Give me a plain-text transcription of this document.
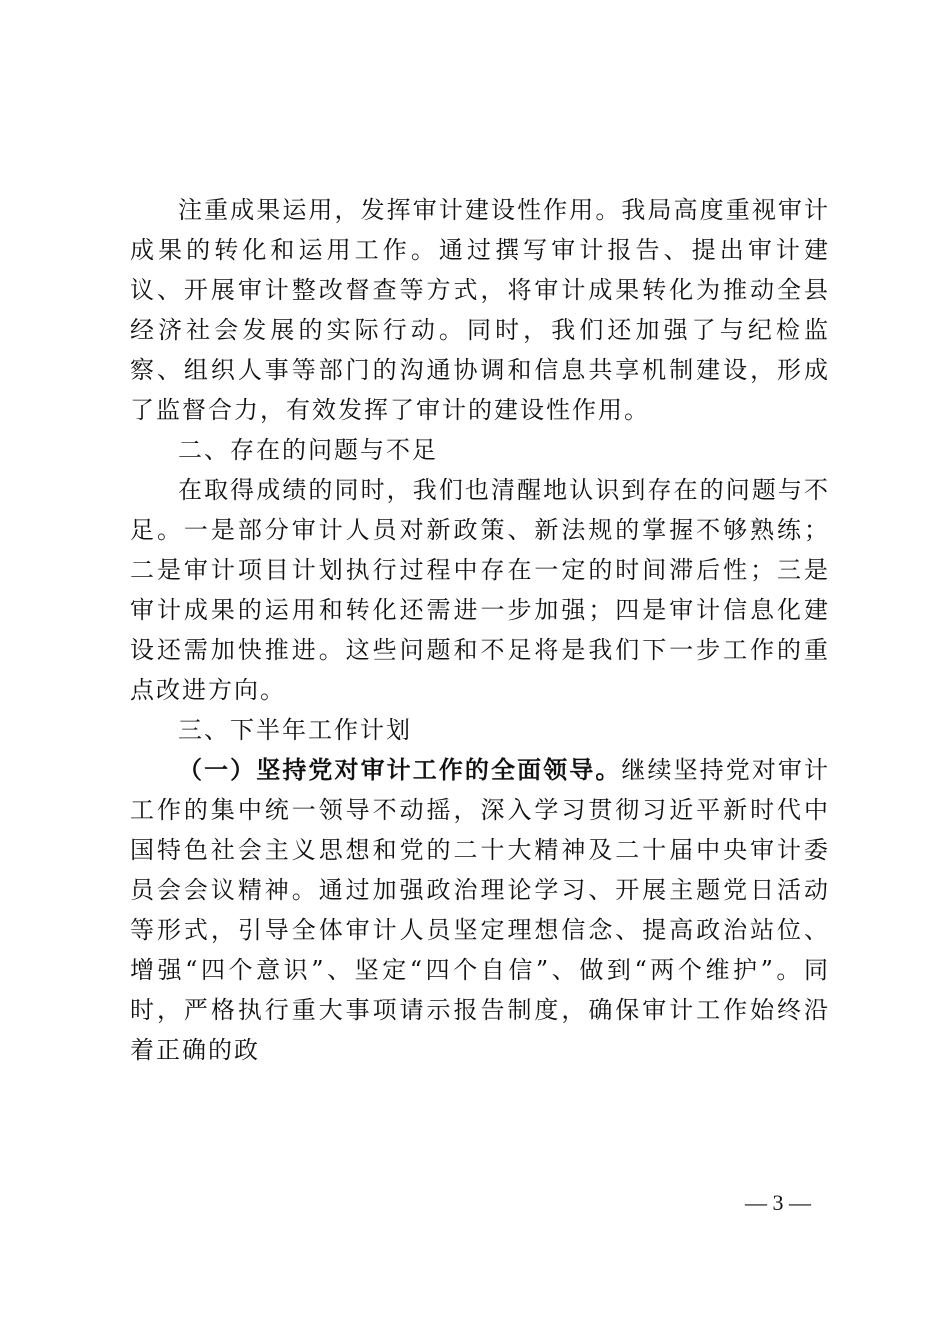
注重成果运用，发挥审计建设性作用。我局高度重视审计成果的转化和运用工作。通过撰写审计报告、提出审计建议、开展审计整改督查等方式，将审计成果转化为推动全县经济社会发展的实际行动。同时，我们还加强了与纪检监察、组织人事等部门的沟通协调和信息共享机制建设，形成了监督合力，有效发挥了审计的建设性作用。

二、存在的问题与不足

在取得成绩的同时，我们也清醒地认识到存在的问题与不足。一是部分审计人员对新政策、新法规的掌握不够熟练；二是审计项目计划执行过程中存在一定的时间滞后性；三是审计成果的运用和转化还需进一步加强；四是审计信息化建设还需加快推进。这些问题和不足将是我们下一步工作的重点改进方向。

三、下半年工作计划

（一）坚持党对审计工作的全面领导。继续坚持党对审计工作的集中统一领导不动摇，深入学习贯彻习近平新时代中国特色社会主义思想和党的二十大精神及二十届中央审计委员会会议精神。通过加强政治理论学习、开展主题党日活动等形式，引导全体审计人员坚定理想信念、提高政治站位、增强“四个意识”、坚定“四个自信”、做到“两个维护”。同时，严格执行重大事项请示报告制度，确保审计工作始终沿着正确的政

— 3 —
